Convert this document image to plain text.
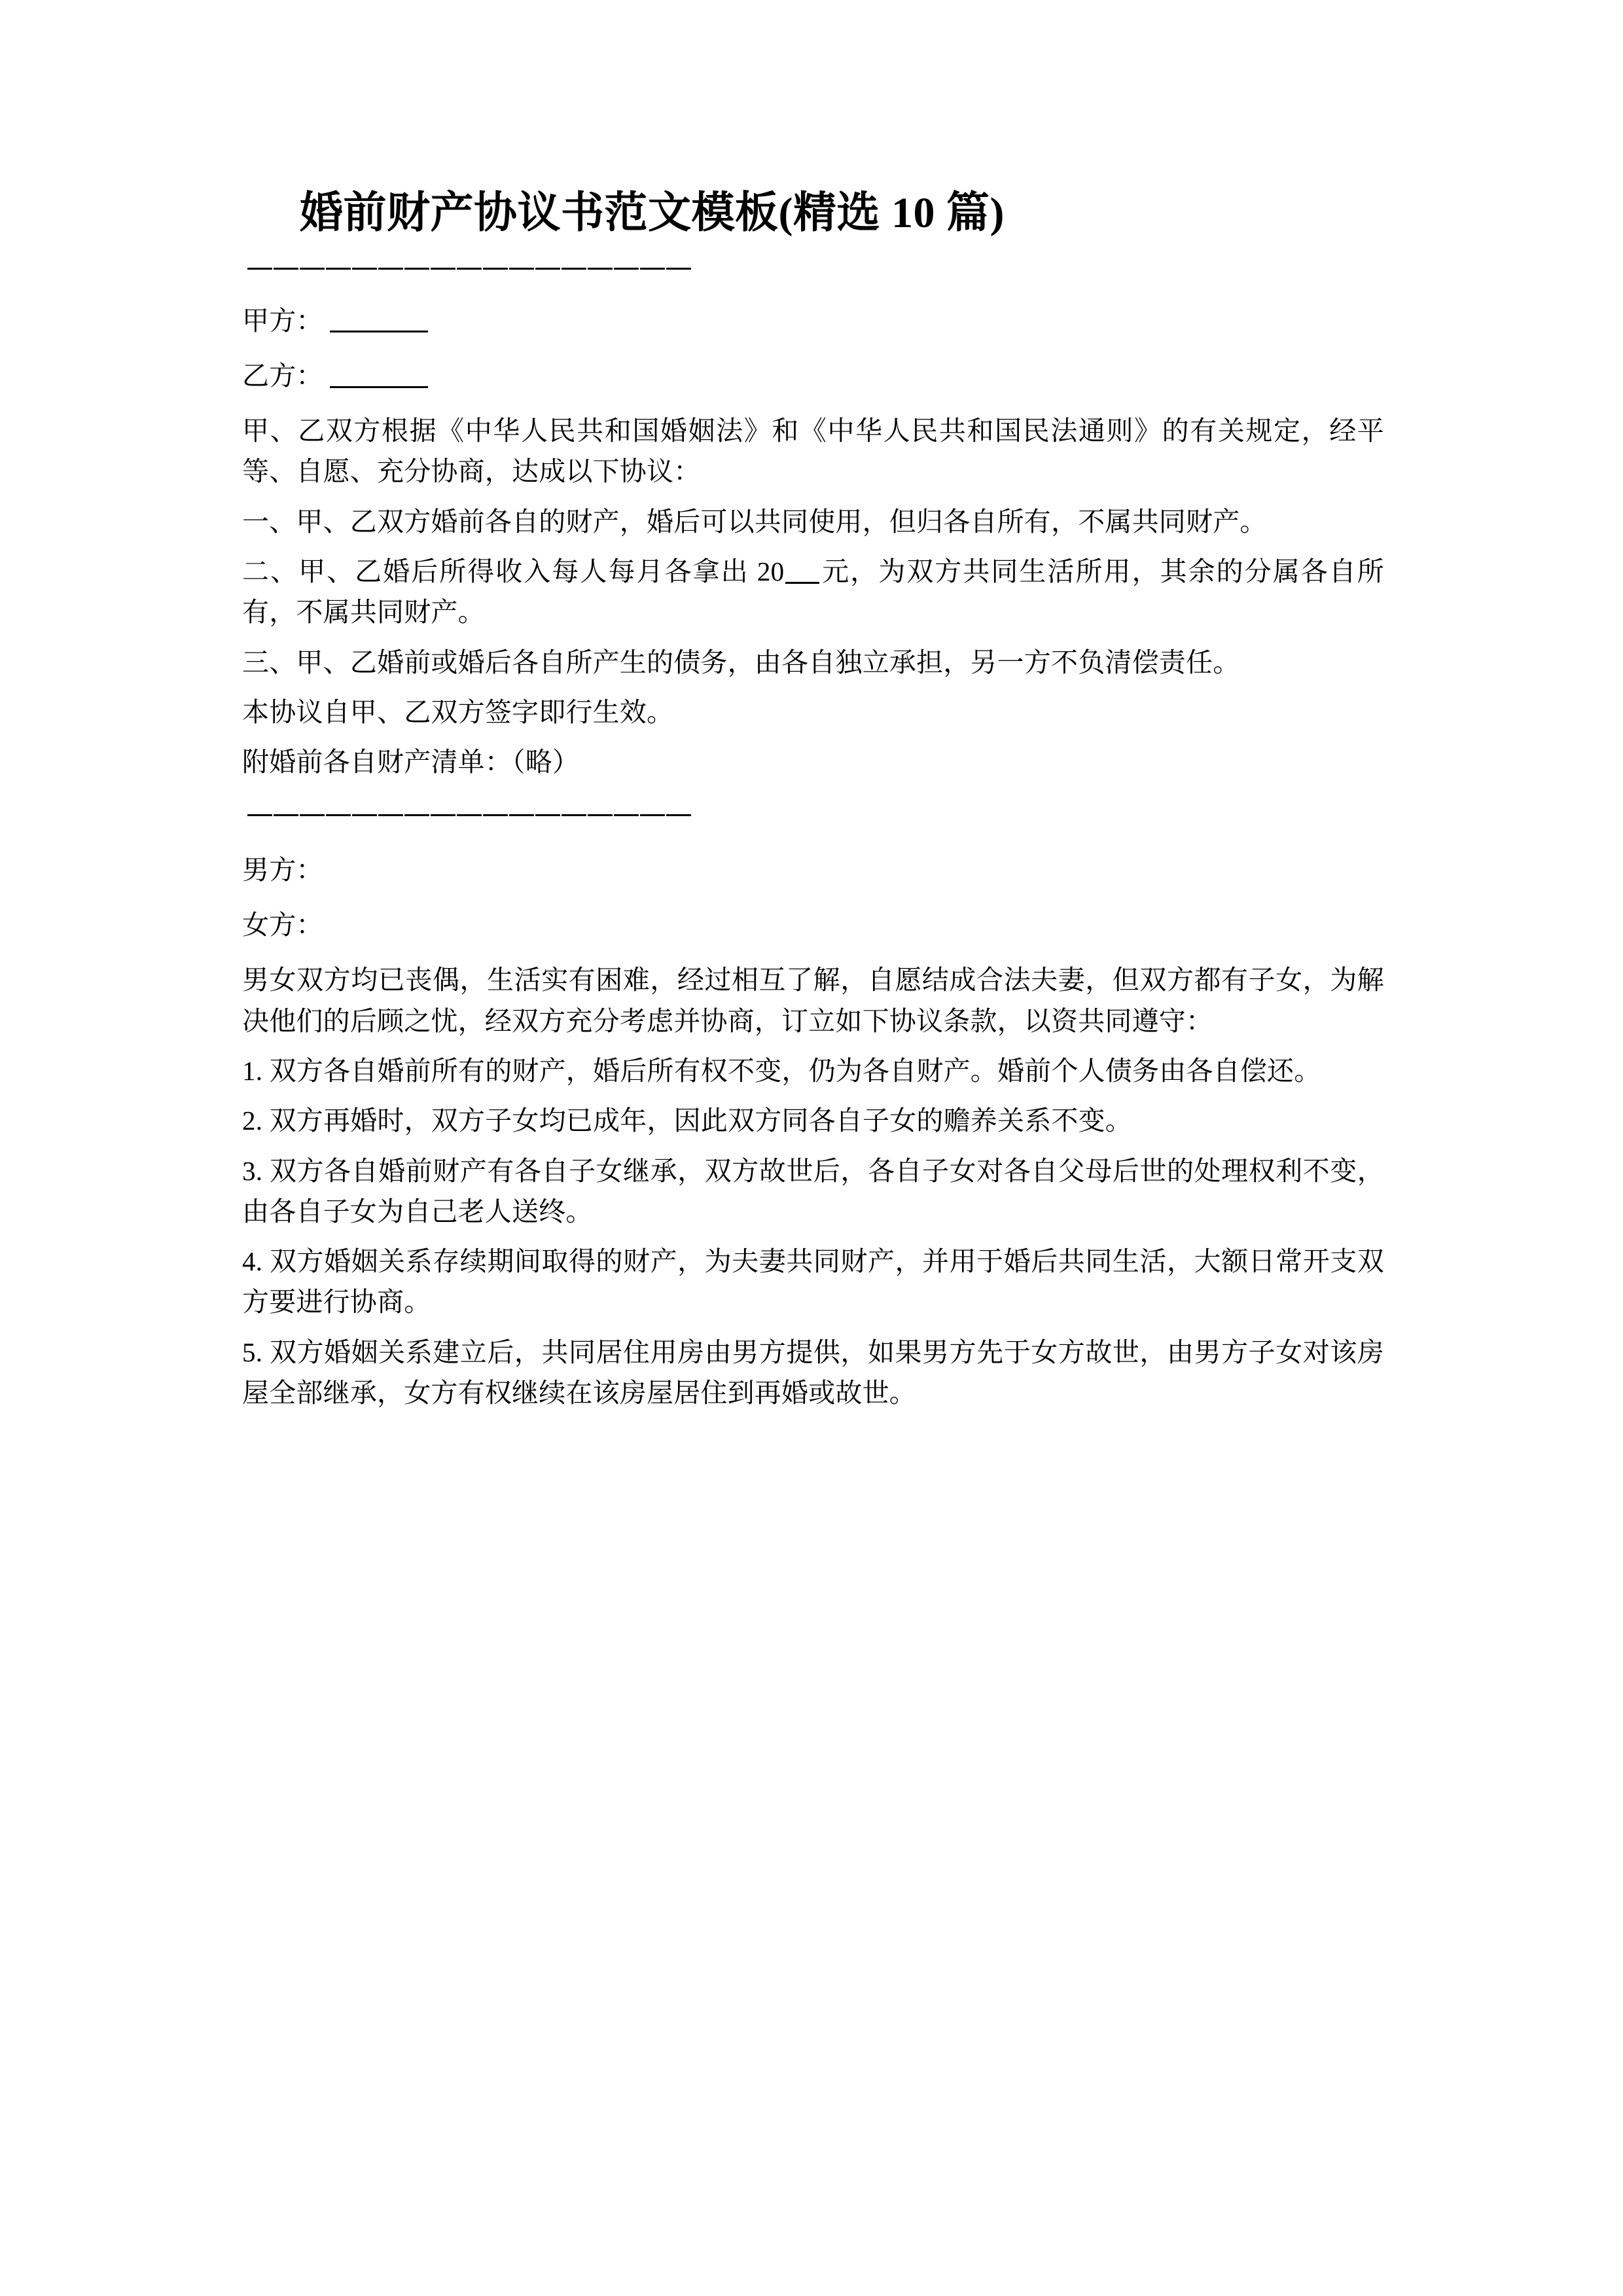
婚前财产协议书范文模板(精选 10 篇)
—————————————————

甲方：

乙方：

甲、乙双方根据《中华人民共和国婚姻法》和《中华人民共和国民法通则》的有关规定，经平等、自愿、充分协商，达成以下协议：

一、甲、乙双方婚前各自的财产，婚后可以共同使用，但归各自所有，不属共同财产。

二、甲、乙婚后所得收入每人每月各拿出 20 元，为双方共同生活所用，其余的分属各自所有，不属共同财产。

三、甲、乙婚前或婚后各自所产生的债务，由各自独立承担，另一方不负清偿责任。

本协议自甲、乙双方签字即行生效。

附婚前各自财产清单：（略）

—————————————————

男方：

女方：

男女双方均已丧偶，生活实有困难，经过相互了解，自愿结成合法夫妻，但双方都有子女，为解决他们的后顾之忧，经双方充分考虑并协商，订立如下协议条款，以资共同遵守：

1. 双方各自婚前所有的财产，婚后所有权不变，仍为各自财产。婚前个人债务由各自偿还。

2. 双方再婚时，双方子女均已成年，因此双方同各自子女的赡养关系不变。

3. 双方各自婚前财产有各自子女继承，双方故世后，各自子女对各自父母后世的处理权利不变，由各自子女为自己老人送终。

4. 双方婚姻关系存续期间取得的财产，为夫妻共同财产，并用于婚后共同生活，大额日常开支双方要进行协商。

5. 双方婚姻关系建立后，共同居住用房由男方提供，如果男方先于女方故世，由男方子女对该房屋全部继承，女方有权继续在该房屋居住到再婚或故世。
